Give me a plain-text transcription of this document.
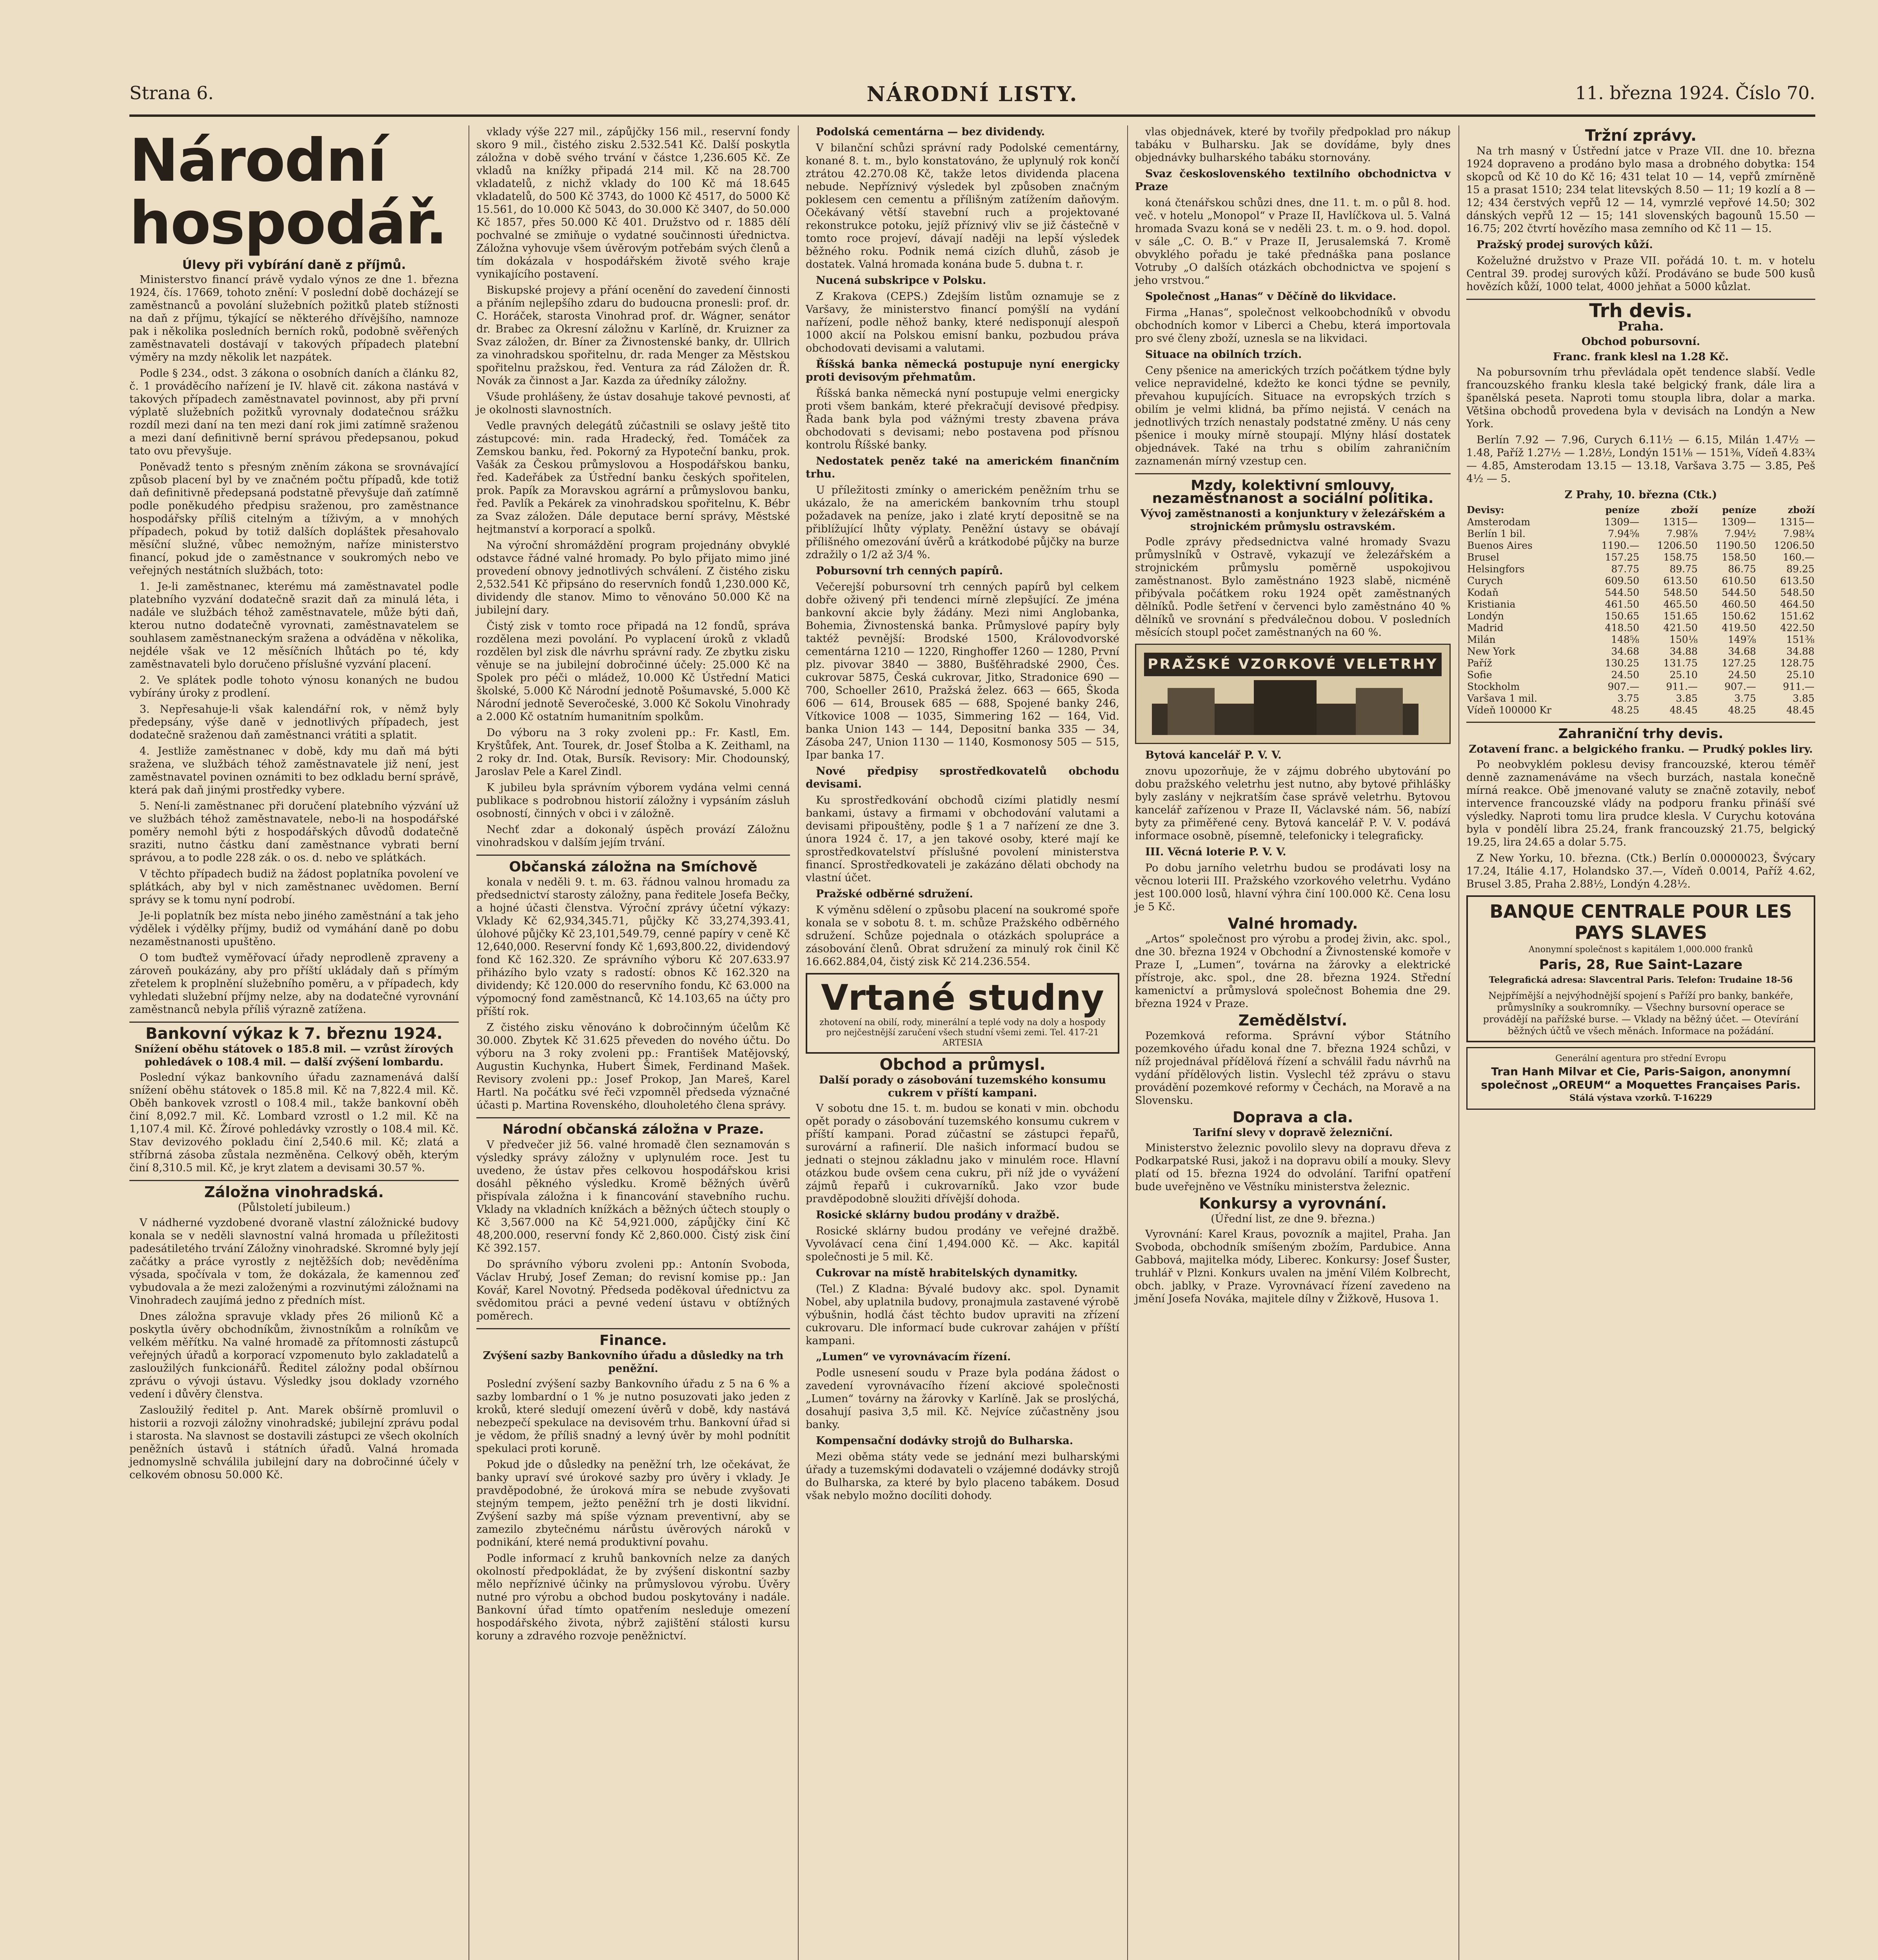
Strana 6.	NÁRODNÍ LISTY.	11. března 1924. Číslo 70.
Národní hospodář.
Úlevy při vybírání daně z příjmů.

Ministerstvo financí právě vydalo výnos ze dne 1. března 1924, čís. 17669, tohoto znění: V poslední době docházejí se zaměstnanců a povolání služebních požitků plateb stížnosti na daň z příjmu, týkající se některého dřívějšího, namnoze pak i několika posledních berních roků, podobně svěřených zaměstnavateli dostávají v takových případech platební výměry na mzdy několik let nazpátek.

Podle § 234., odst. 3 zákona o osobních daních a článku 82, č. 1 prováděcího nařízení je IV. hlavě cit. zákona nastává v takových případech zaměstnavatel povinnost, aby při první výplatě služebních požitků vyrovnaly dodatečnou srážku rozdíl mezi daní na ten mezi daní rok jimi zatímně sraženou a mezi daní definitivně berní správou předepsanou, pokud tato ovu převyšuje.

Poněvadž tento s přesným zněním zákona se srovnávající způsob placení byl by ve značném počtu případů, kde totiž daň definitivně předepsaná podstatně převyšuje daň zatímně podle poněkudého předpisu sraženou, pro zaměstnance hospodářsky příliš citelným a tíživým, a v mnohých případech, pokud by totiž dalších dopláštek přesahovalo měsíční služné, vůbec nemožným, naříze ministerstvo financí, pokud jde o zaměstnance v soukromých nebo ve veřejných nestátních službách, toto:

1. Je-li zaměstnanec, kterému má zaměstnavatel podle platebního vyzvání dodatečně srazit daň za minulá léta, i nadále ve službách téhož zaměstnavatele, může býti daň, kterou nutno dodatečně vyrovnati, zaměstnavatelem se souhlasem zaměstnaneckým sražena a odváděna v několika, nejdéle však ve 12 měsíčních lhůtách po té, kdy zaměstnavateli bylo doručeno příslušné vyzvání placení.

2. Ve splátek podle tohoto výnosu konaných ne budou vybírány úroky z prodlení.

3. Nepřesahuje-li však kalendářní rok, v němž byly předepsány, výše daně v jednotlivých případech, jest dodatečně sraženou daň zaměstnanci vrátiti a splatit.

4. Jestliže zaměstnanec v době, kdy mu daň má býti sražena, ve službách téhož zaměstnavatele již není, jest zaměstnavatel povinen oznámiti to bez odkladu berní správě, která pak daň jinými prostředky vybere.

5. Není-li zaměstnanec při doručení platebního výzvání už ve službách téhož zaměstnavatele, nebo-li na hospodářské poměry nemohl býti z hospodářských důvodů dodatečně sraziti, nutno částku daní zaměstnance vybrati berní správou, a to podle 228 zák. o os. d. nebo ve splátkách.

V těchto případech budiž na žádost poplatníka povolení ve splátkách, aby byl v nich zaměstnanec uvědomen. Berní správy se k tomu nyní podrobí.

Je-li poplatník bez místa nebo jiného zaměstnání a tak jeho výdělek i výdělky příjmy, budiž od vymáhání daně po dobu nezaměstnanosti upuštěno.

O tom buďtež vyměřovací úřady neprodleně zpraveny a zároveň poukázány, aby pro příští ukládaly daň s přímým zřetelem k proplnění služebního poměru, a v případech, kdy vyhledati služební příjmy nelze, aby na dodatečné vyrovnání zaměstnanců nebyla příliš výrazně zatížena.

Bankovní výkaz k 7. březnu 1924.
Snížení oběhu státovek o 185.8 mil. — vzrůst žírových pohledávek o 108.4 mil. — další zvýšení lombardu.

Poslední výkaz bankovního úřadu zaznamenává další snížení oběhu státovek o 185.8 mil. Kč na 7,822.4 mil. Kč. Oběh bankovek vzrostl o 108.4 mil., takže bankovní oběh činí 8,092.7 mil. Kč. Lombard vzrostl o 1.2 mil. Kč na 1,107.4 mil. Kč. Žírové pohledávky vzrostly o 108.4 mil. Kč. Stav devizového pokladu činí 2,540.6 mil. Kč; zlatá a stříbrná zásoba zůstala nezměněna. Celkový oběh, kterým činí 8,310.5 mil. Kč, je kryt zlatem a devisami 30.57 %.

Záložna vinohradská.
(Půlstoletí jubileum.)

V nádherné vyzdobené dvoraně vlastní záložnické budovy konala se v neděli slavnostní valná hromada u příležitosti padesátiletého trvání Záložny vinohradské. Skromné byly její začátky a práce vyrostly z nejtěžších dob; nevěděníma výsada, spočívala v tom, že dokázala, že kamennou zeď vybudovala a že mezi založenými a rozvinutými záložnami na Vinohradech zaujímá jedno z předních míst.

Dnes záložna spravuje vklady přes 26 milionů Kč a poskytla úvěry obchodníkům, živnostníkům a rolníkům ve velkém měřítku. Na valné hromadě za přítomnosti zástupců veřejných úřadů a korporací vzpomenuto bylo zakladatelů a zasloužilých funkcionářů. Ředitel záložny podal obšírnou zprávu o vývoji ústavu. Výsledky jsou doklady vzorného vedení i důvěry členstva.

Zasloužilý ředitel p. Ant. Marek obšírně promluvil o historii a rozvoji záložny vinohradské; jubilejní zprávu podal i starosta. Na slavnost se dostavili zástupci ze všech okolních peněžních ústavů i státních úřadů. Valná hromada jednomyslně schválila jubilejní dary na dobročinné účely v celkovém obnosu 50.000 Kč.

vklady výše 227 mil., zápůjčky 156 mil., reservní fondy skoro 9 mil., čistého zisku 2.532.541 Kč. Další poskytla záložna v době svého trvání v částce 1,236.605 Kč. Ze vkladů na knížky připadá 214 mil. Kč na 28.700 vkladatelů, z nichž vklady do 100 Kč má 18.645 vkladatelů, do 500 Kč 3743, do 1000 Kč 4517, do 5000 Kč 15.561, do 10.000 Kč 5043, do 30.000 Kč 3407, do 50.000 Kč 1857, přes 50.000 Kč 401. Družstvo od r. 1885 dělí pochvalné se zmiňuje o vydatné součinnosti úřednictva. Záložna vyhovuje všem úvěrovým potřebám svých členů a tím dokázala v hospodářském životě svého kraje vynikajícího postavení.

Biskupské projevy a přání ocenění do zavedení činnosti a přáním nejlepšího zdaru do budoucna pronesli: prof. dr. C. Horáček, starosta Vinohrad prof. dr. Wágner, senátor dr. Brabec za Okresní záložnu v Karlíně, dr. Kruizner za Svaz záložen, dr. Bíner za Živnostenské banky, dr. Ullrich za vinohradskou spořitelnu, dr. rada Menger za Městskou spořitelnu pražskou, řed. Ventura za rád Záložen dr. Ř. Novák za činnost a Jar. Kazda za úředníky záložny.

Všude prohlášeny, že ústav dosahuje takové pevnosti, ať je okolnosti slavnostních.

Vedle pravných delegátů zúčastnili se oslavy ještě tito zástupcové: min. rada Hradecký, řed. Tomáček za Zemskou banku, řed. Pokorný za Hypoteční banku, prok. Vašák za Českou průmyslovou a Hospodářskou banku, řed. Kadeřábek za Ústřední banku českých spořitelen, prok. Papík za Moravskou agrární a průmyslovou banku, řed. Pavlík a Pekárek za vinohradskou spořitelnu, K. Bébr za Svaz záložen. Dále deputace berní správy, Městské hejtmanství a korporací a spolků.

Na výroční shromáždění program projednány obvyklé odstavce řádné valné hromady. Po bylo přijato mimo jiné provedení obnovy jednotlivých schválení. Z čistého zisku 2,532.541 Kč připsáno do reservních fondů 1,230.000 Kč, dividendy dle stanov. Mimo to věnováno 50.000 Kč na jubilejní dary.

Čistý zisk v tomto roce připadá na 12 fondů, správa rozdělena mezi povolání. Po vyplacení úroků z vkladů rozdělen byl zisk dle návrhu správní rady. Ze zbytku zisku věnuje se na jubilejní dobročinné účely: 25.000 Kč na Spolek pro péči o mládež, 10.000 Kč Ústřední Matici školské, 5.000 Kč Národní jednotě Pošumavské, 5.000 Kč Národní jednotě Severočeské, 3.000 Kč Sokolu Vinohrady a 2.000 Kč ostatním humanitním spolkům.

Do výboru na 3 roky zvoleni pp.: Fr. Kastl, Em. Kryštůfek, Ant. Tourek, dr. Josef Štolba a K. Zeithaml, na 2 roky dr. Ind. Otak, Bursík. Revisory: Mir. Chodounský, Jaroslav Pele a Karel Zindl.

K jubileu byla správním výborem vydána velmi cenná publikace s podrobnou historií záložny i vypsáním zásluh osobností, činných v obci i v záložně.

Nechť zdar a dokonalý úspěch provází Záložnu vinohradskou v dalším jejím trvání.

Občanská záložna na Smíchově

konala v neděli 9. t. m. 63. řádnou valnou hromadu za předsednictví starosty záložny, pana ředitele Josefa Bečky, a hojné účasti členstva. Výroční zprávy účetní výkazy: Vklady Kč 62,934,345.71, půjčky Kč 33,274,393.41, úlohové půjčky Kč 23,101,549.79, cenné papíry v ceně Kč 12,640,000. Reservní fondy Kč 1,693,800.22, dividendový fond Kč 162.320. Ze správního výboru Kč 207.633.97 přiházího bylo vzaty s radostí: obnos Kč 162.320 na dividendy; Kč 120.000 do reservního fondu, Kč 63.000 na výpomocný fond zaměstnanců, Kč 14.103,65 na účty pro příští rok.

Z čistého zisku věnováno k dobročinným účelům Kč 30.000. Zbytek Kč 31.625 převeden do nového účtu. Do výboru na 3 roky zvoleni pp.: František Matějovský, Augustin Kuchynka, Hubert Šimek, Ferdinand Mašek. Revisory zvoleni pp.: Josef Prokop, Jan Mareš, Karel Hartl. Na počátku své řeči vzpomněl předseda význačné účasti p. Martina Rovenského, dlouholetého člena správy.

Národní občanská záložna v Praze.

V předvečer již 56. valné hromadě člen seznamován s výsledky správy záložny v uplynulém roce. Jest tu uvedeno, že ústav přes celkovou hospodářskou krisi dosáhl pěkného výsledku. Kromě běžných úvěrů přispívala záložna i k financování stavebního ruchu. Vklady na vkladních knížkách a běžných účtech stouply o Kč 3,567.000 na Kč 54,921.000, zápůjčky činí Kč 48,200.000, reservní fondy Kč 2,860.000. Čistý zisk činí Kč 392.157.

Do správního výboru zvoleni pp.: Antonín Svoboda, Václav Hrubý, Josef Zeman; do revisní komise pp.: Jan Kovář, Karel Novotný. Předseda poděkoval úřednictvu za svědomitou práci a pevné vedení ústavu v obtížných poměrech.

Finance.
Zvýšení sazby Bankovního úřadu a důsledky na trh peněžní.

Poslední zvýšení sazby Bankovního úřadu z 5 na 6 % a sazby lombardní o 1 % je nutno posuzovati jako jeden z kroků, které sledují omezení úvěrů v době, kdy nastává nebezpečí spekulace na devisovém trhu. Bankovní úřad si je vědom, že příliš snadný a levný úvěr by mohl podnítit spekulaci proti koruně.

Pokud jde o důsledky na peněžní trh, lze očekávat, že banky upraví své úrokové sazby pro úvěry i vklady. Je pravděpodobné, že úroková míra se nebude zvyšovati stejným tempem, ježto peněžní trh je dosti likvidní. Zvýšení sazby má spíše význam preventivní, aby se zamezilo zbytečnému nárůstu úvěrových nároků v podnikání, které nemá produktivní povahu.

Podle informací z kruhů bankovních nelze za daných okolností předpokládat, že by zvýšení diskontní sazby mělo nepříznivé účinky na průmyslovou výrobu. Úvěry nutné pro výrobu a obchod budou poskytovány i nadále. Bankovní úřad tímto opatřením nesleduje omezení hospodářského života, nýbrž zajištění stálosti kursu koruny a zdravého rozvoje peněžnictví.

Podolská cementárna — bez dividendy.

V bilanční schůzi správní rady Podolské cementárny, konané 8. t. m., bylo konstatováno, že uplynulý rok končí ztrátou 42.270.08 Kč, takže letos dividenda placena nebude. Nepříznivý výsledek byl způsoben značným poklesem cen cementu a přílišným zatížením daňovým. Očekávaný větší stavební ruch a projektované rekonstrukce potoku, jejíž příznivý vliv se již částečně v tomto roce projeví, dávají naději na lepší výsledek běžného roku. Podnik nemá cizích dluhů, zásob je dostatek. Valná hromada konána bude 5. dubna t. r.

Nucená subskripce v Polsku.

Z Krakova (CEPS.) Zdejším listům oznamuje se z Varšavy, že ministerstvo financí pomýšlí na vydání nařízení, podle něhož banky, které nedisponují alespoň 1000 akcií na Polskou emisní banku, pozbudou práva obchodovati devisami a valutami.

Říšská banka německá postupuje nyní energicky proti devisovým přehmatům.

Říšská banka německá nyní postupuje velmi energicky proti všem bankám, které překračují devisové předpisy. Řada bank byla pod vážnými tresty zbavena práva obchodovati s devisami; nebo postavena pod přísnou kontrolu Říšské banky.

Nedostatek peněz také na americkém finančním trhu.

U příležitosti zmínky o americkém peněžním trhu se ukázalo, že na americkém bankovním trhu stoupl požadavek na peníze, jako i zlaté krytí depositně se na přiblížující lhůty výplaty. Peněžní ústavy se obávají přílišného omezování úvěrů a krátkodobé půjčky na burze zdražily o 1/2 až 3/4 %.

Pobursovní trh cenných papírů.

Večerejší pobursovní trh cenných papírů byl celkem dobře oživený při tendenci mírně zlepšující. Ze jména bankovní akcie byly žádány. Mezi nimi Anglobanka, Bohemia, Živnostenská banka. Průmyslové papíry byly taktéž pevnější: Brodské 1500, Královodvorské cementárna 1210 — 1220, Ringhoffer 1260 — 1280, První plz. pivovar 3840 — 3880, Bušťěhradské 2900, Čes. cukrovar 5875, Česká cukrovar, Jitko, Stradonice 690 — 700, Schoeller 2610, Pražská želez. 663 — 665, Škoda 606 — 614, Brousek 685 — 688, Spojené banky 246, Vítkovice 1008 — 1035, Simmering 162 — 164, Vid. banka Union 143 — 144, Depositní banka 335 — 34, Zásoba 247, Union 1130 — 1140, Kosmonosy 505 — 515, Ipar banka 17.

Nové předpisy sprostředkovatelů obchodu devisami.

Ku sprostředkování obchodů cizími platidly nesmí bankami, ústavy a firmami v obchodování valutami a devisami připouštěny, podle § 1 a 7 nařízení ze dne 3. února 1924 č. 17, a jen takové osoby, které mají ke sprostředkovatelství příslušné povolení ministerstva financí. Sprostředkovateli je zakázáno dělati obchody na vlastní účet.

Pražské odběrné sdružení.

K výměnu sdělení o způsobu placení na soukromé spoře konala se v sobotu 8. t. m. schůze Pražského odběrného sdružení. Schůze pojednala o otázkách spolupráce a zásobování členů. Obrat sdružení za minulý rok činil Kč 16.662.884,04, čistý zisk Kč 214.236.554.

Vrtané studny
zhotovení na obilí, rody, minerální a teplé vody na doly a hospody pro nejčestnější zaručení všech studní všemi zemi. Tel. 417-21 ARTESIA
Obchod a průmysl.
Další porady o zásobování tuzemského konsumu cukrem v příští kampani.

V sobotu dne 15. t. m. budou se konati v min. obchodu opět porady o zásobování tuzemského konsumu cukrem v příští kampani. Porad zúčastní se zástupci řepařů, surovární a rafinerií. Dle našich informací budou se jednati o stejnou základnu jako v minulém roce. Hlavní otázkou bude ovšem cena cukru, při níž jde o vyvážení zájmů řepařů i cukrovarníků. Jako vzor bude pravděpodobně sloužiti dřívější dohoda.

Rosické sklárny budou prodány v dražbě.

Rosické sklárny budou prodány ve veřejné dražbě. Vyvolávací cena činí 1,494.000 Kč. — Akc. kapitál společnosti je 5 mil. Kč.

Cukrovar na místě hrabitelských dynamitky.

(Tel.) Z Kladna: Bývalé budovy akc. spol. Dynamit Nobel, aby uplatnila budovy, pronajmula zastavené výrobě výbušnin, hodlá část těchto budov upraviti na zřízení cukrovaru. Dle informací bude cukrovar zahájen v příští kampani.

„Lumen“ ve vyrovnávacím řízení.

Podle usnesení soudu v Praze byla podána žádost o zavedení vyrovnávacího řízení akciové společnosti „Lumen“ továrny na žárovky v Karlíně. Jak se proslýchá, dosahují pasiva 3,5 mil. Kč. Nejvíce zúčastněny jsou banky.

Kompensační dodávky strojů do Bulharska.

Mezi oběma státy vede se jednání mezi bulharskými úřady a tuzemskými dodavateli o vzájemné dodávky strojů do Bulharska, za které by bylo placeno tabákem. Dosud však nebylo možno docíliti dohody.

vlas objednávek, které by tvořily předpoklad pro nákup tabáku v Bulharsku. Jak se dovídáme, byly dnes objednávky bulharského tabáku stornovány.

Svaz československého textilního obchodnictva v Praze

koná čtenářskou schůzi dnes, dne 11. t. m. o půl 8. hod. več. v hotelu „Monopol“ v Praze II, Havlíčkova ul. 5. Valná hromada Svazu koná se v neděli 23. t. m. o 9. hod. dopol. v sále „C. O. B.“ v Praze II, Jerusalemská 7. Kromě obvyklého pořadu je také přednáška pana poslance Votruby „O dalších otázkách obchodnictva ve spojení s jeho vrstvou.“

Společnost „Hanas“ v Děčíně do likvidace.

Firma „Hanas“, společnost velkoobchodníků v obvodu obchodních komor v Liberci a Chebu, která importovala pro své členy zboží, uznesla se na likvidaci.

Situace na obilních trzích.

Ceny pšenice na amerických trzích počátkem týdne byly velice nepravidelné, kdežto ke konci týdne se pevnily, převahou kupujících. Situace na evropských trzích s obilím je velmi klidná, ba přímo nejistá. V cenách na jednotlivých trzích nenastaly podstatné změny. U nás ceny pšenice i mouky mírně stoupají. Mlýny hlásí dostatek objednávek. Také na trhu s obilím zahraničním zaznamenán mírný vzestup cen.

Mzdy, kolektivní smlouvy, nezaměstnanost a sociální politika.
Vývoj zaměstnanosti a konjunktury v železářském a strojnickém průmyslu ostravském.

Podle zprávy předsednictva valné hromady Svazu průmyslníků v Ostravě, vykazují ve železářském a strojnickém průmyslu poměrně uspokojivou zaměstnanost. Bylo zaměstnáno 1923 slabě, nicméně přibývala počátkem roku 1924 opět zaměstnaných dělníků. Podle šetření v červenci bylo zaměstnáno 40 % dělníků ve srovnání s předválečnou dobou. V posledních měsících stoupl počet zaměstnaných na 60 %.

PRAŽSKÉ VZORKOVÉ VELETRHY

Bytová kancelář P. V. V.

znovu upozorňuje, že v zájmu dobrého ubytování po dobu pražského veletrhu jest nutno, aby bytové přihlášky byly zaslány v nejkratším čase správě veletrhu. Bytovou kancelář zařízenou v Praze II, Václavské nám. 56, nabízí byty za přiměřené ceny. Bytová kancelář P. V. V. podává informace osobně, písemně, telefonicky i telegraficky.

III. Věcná loterie P. V. V.

Po dobu jarního veletrhu budou se prodávati losy na věcnou loterii III. Pražského vzorkového veletrhu. Vydáno jest 100.000 losů, hlavní výhra činí 100.000 Kč. Cena losu je 5 Kč.

Valné hromady.

„Artos“ společnost pro výrobu a prodej živin, akc. spol., dne 30. března 1924 v Obchodní a Živnostenské komoře v Praze I, „Lumen“, továrna na žárovky a elektrické přístroje, akc. spol., dne 28. března 1924. Střední kamenictví a průmyslová společnost Bohemia dne 29. března 1924 v Praze.

Zemědělství.

Pozemková reforma. Správní výbor Státního pozemkového úřadu konal dne 7. března 1924 schůzi, v níž projednával přídělová řízení a schválil řadu návrhů na vydání přídělových listin. Vyslechl též zprávu o stavu provádění pozemkové reformy v Čechách, na Moravě a na Slovensku.

Doprava a cla.
Tarifní slevy v dopravě železniční.

Ministerstvo železnic povolilo slevy na dopravu dřeva z Podkarpatské Rusi, jakož i na dopravu obilí a mouky. Slevy platí od 15. března 1924 do odvolání. Tarifní opatření bude uveřejněno ve Věstníku ministerstva železnic.

Konkursy a vyrovnání.
(Úřední list, ze dne 9. března.)

Vyrovnání: Karel Kraus, povozník a majitel, Praha. Jan Svoboda, obchodník smíšeným zbožím, Pardubice. Anna Gabbová, majitelka módy, Liberec. Konkursy: Josef Šuster, truhlář v Plzni. Konkurs uvalen na jmění Vilém Kolbrecht, obch. jablky, v Praze. Vyrovnávací řízení zavedeno na jmění Josefa Nováka, majitele dílny v Žižkově, Husova 1.

Tržní zprávy.

Na trh masný v Ústřední jatce v Praze VII. dne 10. března 1924 dopraveno a prodáno bylo masa a drobného dobytka: 154 skopců od Kč 10 do Kč 16; 431 telat 10 — 14, vepřů zmírněně 15 a prasat 1510; 234 telat litevských 8.50 — 11; 19 kozlí a 8 — 12; 434 čerstvých vepřů 12 — 14, vymrzlé vepřové 14.50; 302 dánských vepřů 12 — 15; 141 slovenských bagounů 15.50 — 16.75; 202 čtvrtí hovězího masa zemního od Kč 11 — 15.

Pražský prodej surových kůží.

Koželužné družstvo v Praze VII. pořádá 10. t. m. v hotelu Central 39. prodej surových kůží. Prodáváno se bude 500 kusů hovězích kůží, 1000 telat, 4000 jehňat a 5000 kůzlat.

Trh devis.
Praha.
Obchod pobursovní.
Franc. frank klesl na 1.28 Kč.

Na pobursovním trhu převládala opět tendence slabší. Vedle francouzského franku klesla také belgický frank, dále lira a španělská peseta. Naproti tomu stoupla libra, dolar a marka. Většina obchodů provedena byla v devisách na Londýn a New York.

Berlín 7.92 — 7.96, Curych 6.11½ — 6.15, Milán 1.47½ — 1.48, Paříž 1.27½ — 1.28½, Londýn 151⅛ — 151⅜, Vídeň 4.83¾ — 4.85, Amsterodam 13.15 — 13.18, Varšava 3.75 — 3.85, Peš 4½ — 5.

Z Prahy, 10. března (Ctk.)
Devisy:	peníze	zboží	peníze	zboží
Amsterodam	1309—	1315—	1309—	1315—
Berlín 1 bil.	7.94⅝	7.98⅞	7.94½	7.98¾
Buenos Aires	1190.—	1206.50	1190.50	1206.50
Brusel	157.25	158.75	158.50	160.—
Helsingfors	87.75	89.75	86.75	89.25
Curych	609.50	613.50	610.50	613.50
Kodaň	544.50	548.50	544.50	548.50
Kristiania	461.50	465.50	460.50	464.50
Londýn	150.65	151.65	150.62	151.62
Madrid	418.50	421.50	419.50	422.50
Milán	148⅝	150⅛	149⅞	151⅜
New York	34.68	34.88	34.68	34.88
Paříž	130.25	131.75	127.25	128.75
Sofie	24.50	25.10	24.50	25.10
Stockholm	907.—	911.—	907.—	911.—
Varšava 1 mil.	3.75	3.85	3.75	3.85
Vídeň 100000 Kr	48.25	48.45	48.25	48.45
Zahraniční trhy devis.
Zotavení franc. a belgického franku. — Prudký pokles liry.

Po neobvyklém poklesu devisy francouzské, kterou téměř denně zaznamenáváme na všech burzách, nastala konečně mírná reakce. Obě jmenované valuty se značně zotavily, neboť intervence francouzské vlády na podporu franku přináší své výsledky. Naproti tomu lira prudce klesla. V Curychu kotována byla v pondělí libra 25.24, frank francouzský 21.75, belgický 19.25, lira 24.65 a dolar 5.75.

Z New Yorku, 10. března. (Ctk.) Berlín 0.00000023, Švýcary 17.24, Itálie 4.17, Holandsko 37.—, Vídeň 0.0014, Paříž 4.62, Brusel 3.85, Praha 2.88½, Londýn 4.28½.

BANQUE CENTRALE POUR LES PAYS SLAVES
Anonymní společnost s kapitálem 1,000.000 franků
Paris, 28, Rue Saint-Lazare
Telegrafická adresa: Slavcentral Paris. Telefon: Trudaine 18-56
Nejpřímější a nejvýhodnější spojení s Paříží pro banky, bankéře, průmyslníky a soukromníky. — Všechny bursovní operace se provádějí na pařížské burse. — Vklady na běžný účet. — Otevírání běžných účtů ve všech měnách. Informace na požádání.
Generální agentura pro střední Evropu
Tran Hanh Milvar et Cie, Paris-Saigon, anonymní společnost „OREUM“ a Moquettes Françaises Paris.
Stálá výstava vzorků. T-16229
